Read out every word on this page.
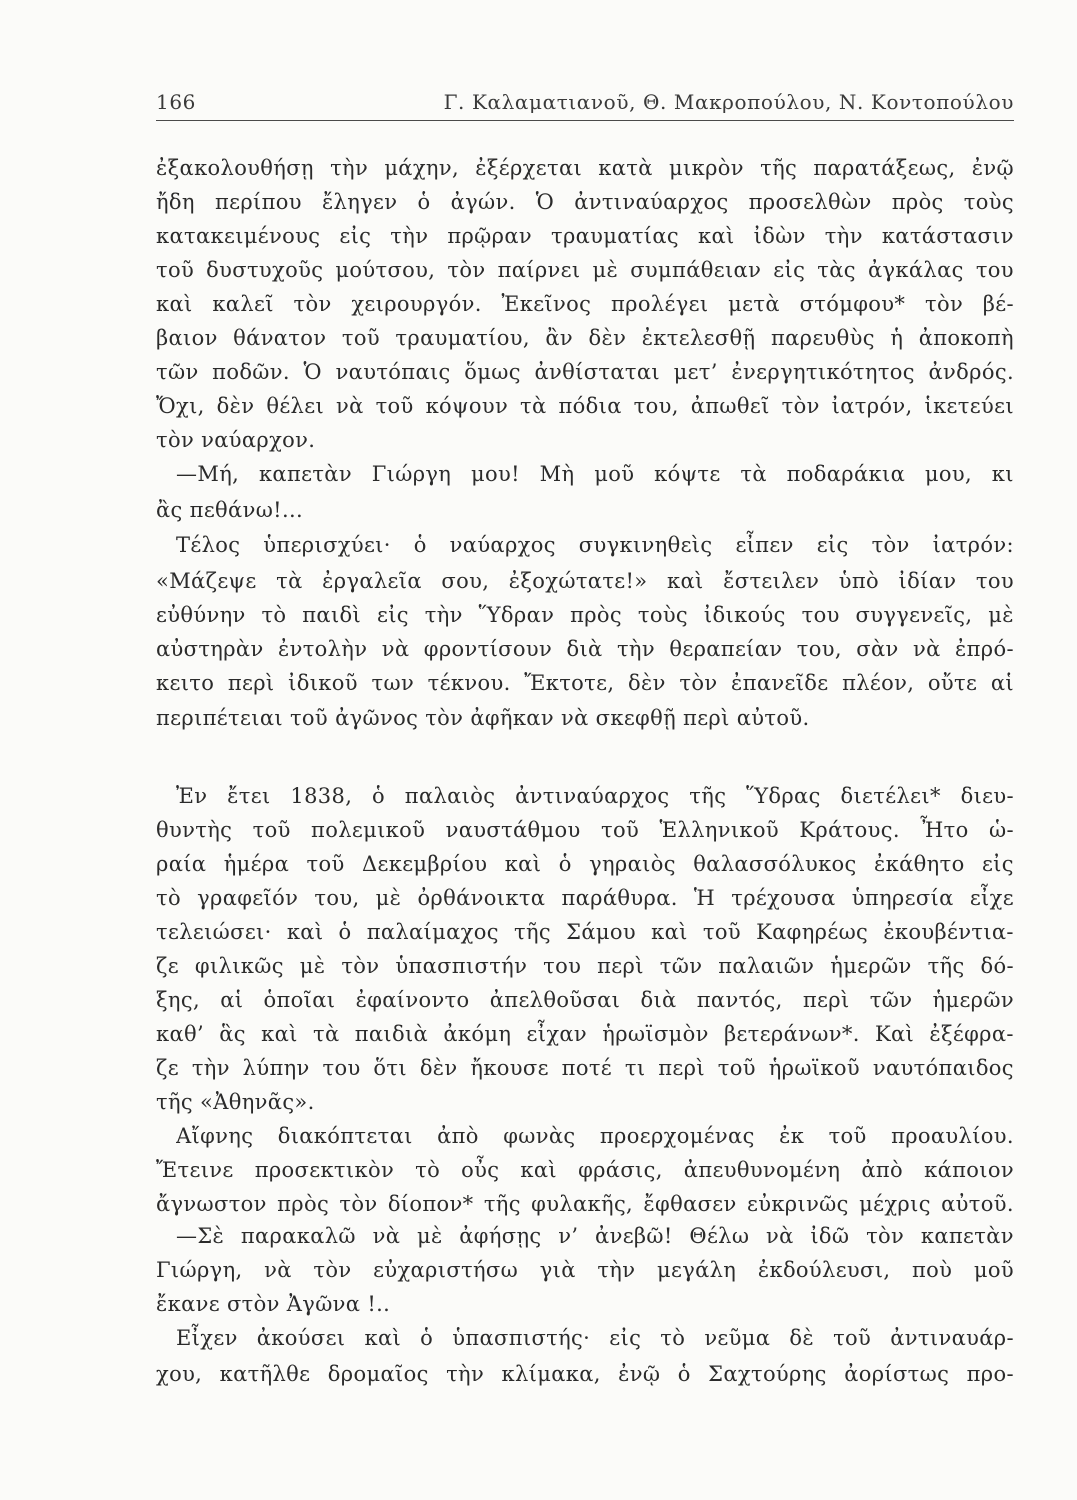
166	Γ. Καλαματιανοῦ, Θ. Μακροπούλου, Ν. Κοντοπούλου
ἐξακολουθήσῃ τὴν μάχην, ἐξέρχεται κατὰ μικρὸν τῆς παρατάξεως, ἐνῷ
ἤδη περίπου ἔληγεν ὁ ἀγών. Ὁ ἀντιναύαρχος προσελθὼν πρὸς τοὺς
κατακειμένους εἰς τὴν πρῷραν τραυματίας καὶ ἰδὼν τὴν κατάστασιν
τοῦ δυστυχοῦς μούτσου, τὸν παίρνει μὲ συμπάθειαν εἰς τὰς ἀγκάλας του
καὶ καλεῖ τὸν χειρουργόν. Ἐκεῖνος προλέγει μετὰ στόμφου* τὸν βέ-
βαιον θάνατον τοῦ τραυματίου, ἂν δὲν ἐκτελεσθῇ παρευθὺς ἡ ἀποκοπὴ
τῶν ποδῶν. Ὁ ναυτόπαις ὅμως ἀνθίσταται μετ’ ἐνεργητικότητος ἀνδρός.
Ὄχι, δὲν θέλει νὰ τοῦ κόψουν τὰ πόδια του, ἀπωθεῖ τὸν ἰατρόν, ἱκετεύει
τὸν ναύαρχον.
—Μή, καπετὰν Γιώργη μου! Μὴ μοῦ κόψτε τὰ ποδαράκια μου, κι
ἂς πεθάνω!...
Τέλος ὑπερισχύει· ὁ ναύαρχος συγκινηθεὶς εἶπεν εἰς τὸν ἰατρόν:
«Μάζεψε τὰ ἐργαλεῖα σου, ἐξοχώτατε!» καὶ ἔστειλεν ὑπὸ ἰδίαν του
εὐθύνην τὸ παιδὶ εἰς τὴν Ὕδραν πρὸς τοὺς ἰδικούς του συγγενεῖς, μὲ
αὐστηρὰν ἐντολὴν νὰ φροντίσουν διὰ τὴν θεραπείαν του, σὰν νὰ ἐπρό-
κειτο περὶ ἰδικοῦ των τέκνου. Ἔκτοτε, δὲν τὸν ἐπανεῖδε πλέον, οὔτε αἱ
περιπέτειαι τοῦ ἀγῶνος τὸν ἀφῆκαν νὰ σκεφθῇ περὶ αὐτοῦ.
Ἐν ἔτει 1838, ὁ παλαιὸς ἀντιναύαρχος τῆς Ὕδρας διετέλει* διευ-
θυντὴς τοῦ πολεμικοῦ ναυστάθμου τοῦ Ἑλληνικοῦ Κράτους. Ἦτο ὡ-
ραία ἡμέρα τοῦ Δεκεμβρίου καὶ ὁ γηραιὸς θαλασσόλυκος ἐκάθητο εἰς
τὸ γραφεῖόν του, μὲ ὀρθάνοικτα παράθυρα. Ἡ τρέχουσα ὑπηρεσία εἶχε
τελειώσει· καὶ ὁ παλαίμαχος τῆς Σάμου καὶ τοῦ Καφηρέως ἐκουβέντια-
ζε φιλικῶς μὲ τὸν ὑπασπιστήν του περὶ τῶν παλαιῶν ἡμερῶν τῆς δό-
ξης, αἱ ὁποῖαι ἐφαίνοντο ἀπελθοῦσαι διὰ παντός, περὶ τῶν ἡμερῶν
καθ’ ἃς καὶ τὰ παιδιὰ ἀκόμη εἶχαν ἡρωϊσμὸν βετεράνων*. Καὶ ἐξέφρα-
ζε τὴν λύπην του ὅτι δὲν ἤκουσε ποτέ τι περὶ τοῦ ἡρωϊκοῦ ναυτόπαιδος
τῆς «Ἀθηνᾶς».
Αἴφνης διακόπτεται ἀπὸ φωνὰς προερχομένας ἐκ τοῦ προαυλίου.
Ἔτεινε προσεκτικὸν τὸ οὖς καὶ φράσις, ἀπευθυνομένη ἀπὸ κάποιον
ἄγνωστον πρὸς τὸν δίοπον* τῆς φυλακῆς, ἔφθασεν εὐκρινῶς μέχρις αὐτοῦ.
—Σὲ παρακαλῶ νὰ μὲ ἀφήσῃς ν’ ἀνεβῶ! Θέλω νὰ ἰδῶ τὸν καπετὰν
Γιώργη, νὰ τὸν εὐχαριστήσω γιὰ τὴν μεγάλη ἐκδούλευσι, ποὺ μοῦ
ἔκανε στὸν Ἀγῶνα !..
Εἶχεν ἀκούσει καὶ ὁ ὑπασπιστής· εἰς τὸ νεῦμα δὲ τοῦ ἀντιναυάρ-
χου, κατῆλθε δρομαῖος τὴν κλίμακα, ἐνῷ ὁ Σαχτούρης ἀορίστως προ-
